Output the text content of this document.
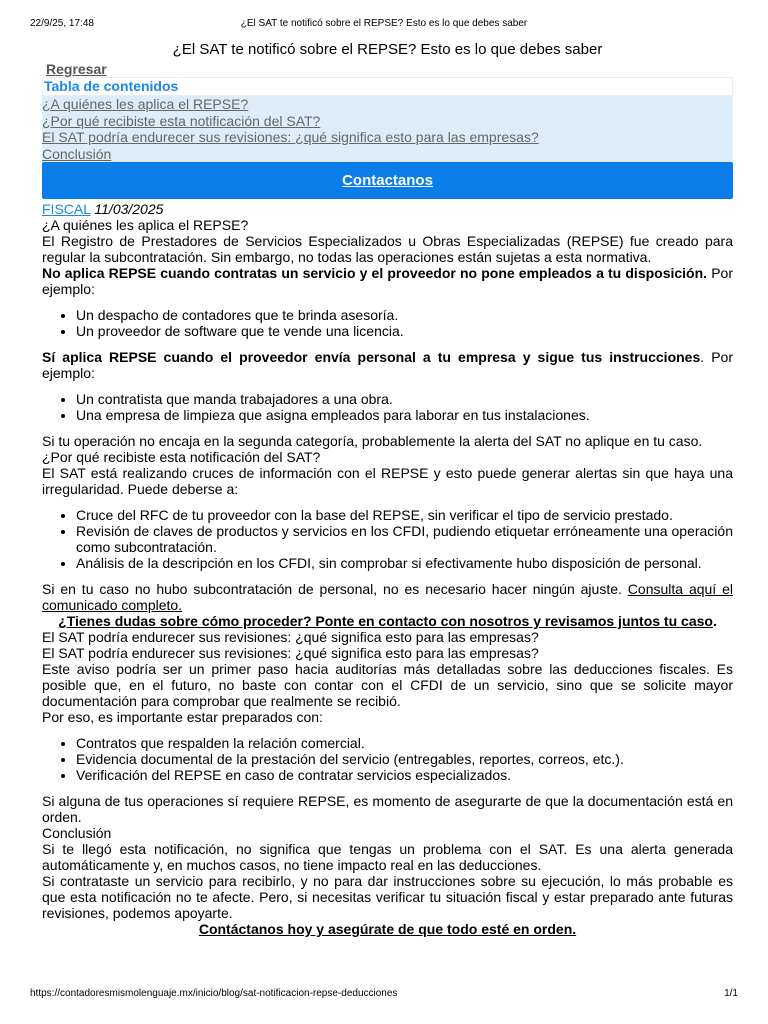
22/9/25, 17:48	¿El SAT te notificó sobre el REPSE? Esto es lo que debes saber
¿El SAT te notificó sobre el REPSE? Esto es lo que debes saber
Regresar
Tabla de contenidos
¿A quiénes les aplica el REPSE?
¿Por qué recibiste esta notificación del SAT?
El SAT podría endurecer sus revisiones: ¿qué significa esto para las empresas?
Conclusión
Contactanos
FISCAL 11/03/2025

¿A quiénes les aplica el REPSE?

El Registro de Prestadores de Servicios Especializados u Obras Especializadas (REPSE) fue creado para regular la subcontratación. Sin embargo, no todas las operaciones están sujetas a esta normativa.

No aplica REPSE cuando contratas un servicio y el proveedor no pone empleados a tu disposición. Por ejemplo:

• Un despacho de contadores que te brinda asesoría.
• Un proveedor de software que te vende una licencia.

Sí aplica REPSE cuando el proveedor envía personal a tu empresa y sigue tus instrucciones. Por ejemplo:

• Un contratista que manda trabajadores a una obra.
• Una empresa de limpieza que asigna empleados para laborar en tus instalaciones.

Si tu operación no encaja en la segunda categoría, probablemente la alerta del SAT no aplique en tu caso.

¿Por qué recibiste esta notificación del SAT?

El SAT está realizando cruces de información con el REPSE y esto puede generar alertas sin que haya una irregularidad. Puede deberse a:

• Cruce del RFC de tu proveedor con la base del REPSE, sin verificar el tipo de servicio prestado.
• Revisión de claves de productos y servicios en los CFDI, pudiendo etiquetar erróneamente una operación como subcontratación.
• Análisis de la descripción en los CFDI, sin comprobar si efectivamente hubo disposición de personal.

Si en tu caso no hubo subcontratación de personal, no es necesario hacer ningún ajuste. Consulta aquí el comunicado completo.

¿Tienes dudas sobre cómo proceder? Ponte en contacto con nosotros y revisamos juntos tu caso.

El SAT podría endurecer sus revisiones: ¿qué significa esto para las empresas?

El SAT podría endurecer sus revisiones: ¿qué significa esto para las empresas?

Este aviso podría ser un primer paso hacia auditorías más detalladas sobre las deducciones fiscales. Es posible que, en el futuro, no baste con contar con el CFDI de un servicio, sino que se solicite mayor documentación para comprobar que realmente se recibió.

Por eso, es importante estar preparados con:

• Contratos que respalden la relación comercial.
• Evidencia documental de la prestación del servicio (entregables, reportes, correos, etc.).
• Verificación del REPSE en caso de contratar servicios especializados.

Si alguna de tus operaciones sí requiere REPSE, es momento de asegurarte de que la documentación está en orden.

Conclusión

Si te llegó esta notificación, no significa que tengas un problema con el SAT. Es una alerta generada automáticamente y, en muchos casos, no tiene impacto real en las deducciones.

Si contrataste un servicio para recibirlo, y no para dar instrucciones sobre su ejecución, lo más probable es que esta notificación no te afecte. Pero, si necesitas verificar tu situación fiscal y estar preparado ante futuras revisiones, podemos apoyarte.

Contáctanos hoy y asegúrate de que todo esté en orden.

https://contadoresmismolenguaje.mx/inicio/blog/sat-notificacion-repse-deducciones	1/1
